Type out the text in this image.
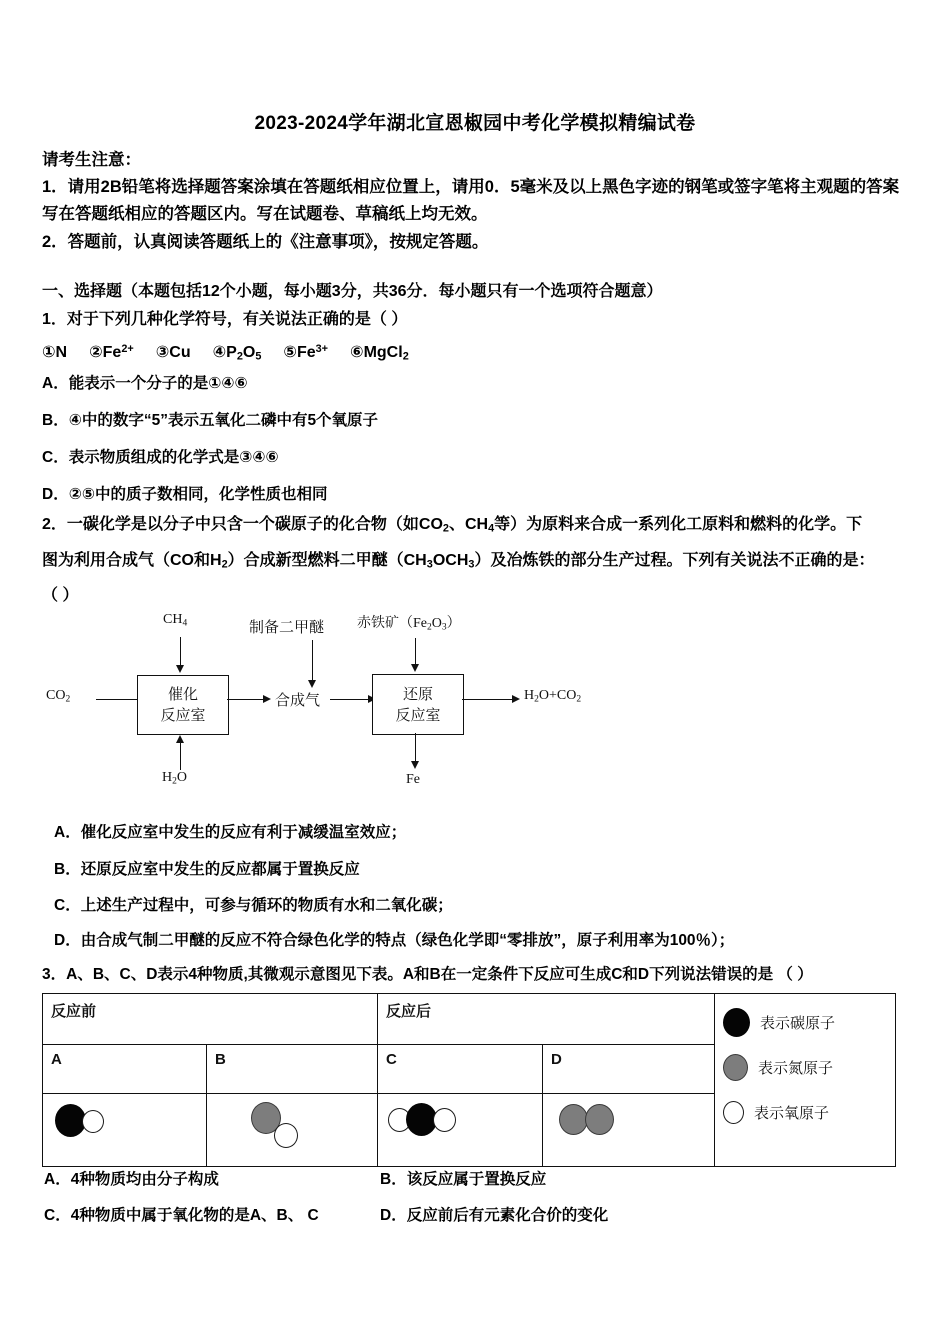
2023-2024学年湖北宣恩椒园中考化学模拟精编试卷
请考生注意：
1．请用2B铅笔将选择题答案涂填在答题纸相应位置上，请用0．5毫米及以上黑色字迹的钢笔或签字笔将主观题的答案写在答题纸相应的答题区内。写在试题卷、草稿纸上均无效。
2．答题前，认真阅读答题纸上的《注意事项》，按规定答题。
一、选择题（本题包括12个小题，每小题3分，共36分．每小题只有一个选项符合题意）
1．对于下列几种化学符号，有关说法正确的是（ ）
①N $②Fe^{2+}$ ③Cu $④P_2O_5$ $⑤Fe^{3+}$ ⑥MgCl$_2$
A．能表示一个分子的是①④⑥
B．④中的数字“5”表示五氧化二磷中有5个氧原子
C．表示物质组成的化学式是③④⑥
D．②⑤中的质子数相同，化学性质也相同
2．一碳化学是以分子中只含一个碳原子的化合物（如$CO_2$、$CH_4$等）为原料来合成一系列化工原料和燃料的化学。下
图为利用合成气（CO和$H_2$）合成新型燃料二甲醚$(CH_3OCH_3)$及冶炼铁的部分生产过程。下列有关说法不正确的是：
（ ）
$CO_2$
$CH_4$
催化
反应室
$H_2O$
制备二甲醚
合成气
赤铁矿$(Fe_2O_3)$
还原
反应室
Fe
$H_2O+CO_2$
A．催化反应室中发生的反应有利于减缓温室效应；
B．还原反应室中发生的反应都属于置换反应
C．上述生产过程中，可参与循环的物质有水和二氧化碳；
D．由合成气制二甲醚的反应不符合绿色化学的特点（绿色化学即“零排放”，原子利用率为100％）；
3．A、B、C、D表示4种物质,其微观示意图见下表。A和B在一定条件下反应可生成C和D下列说法错误的是 （ ）
反应前		反应后		表示碳原子
表示氮原子
表示氧原子

A	B	C	D	

A．4种物质均由分子构成	B．该反应属于置换反应
C．4种物质中属于氧化物的是A、B、 C	D．反应前后有元素化合价的变化
